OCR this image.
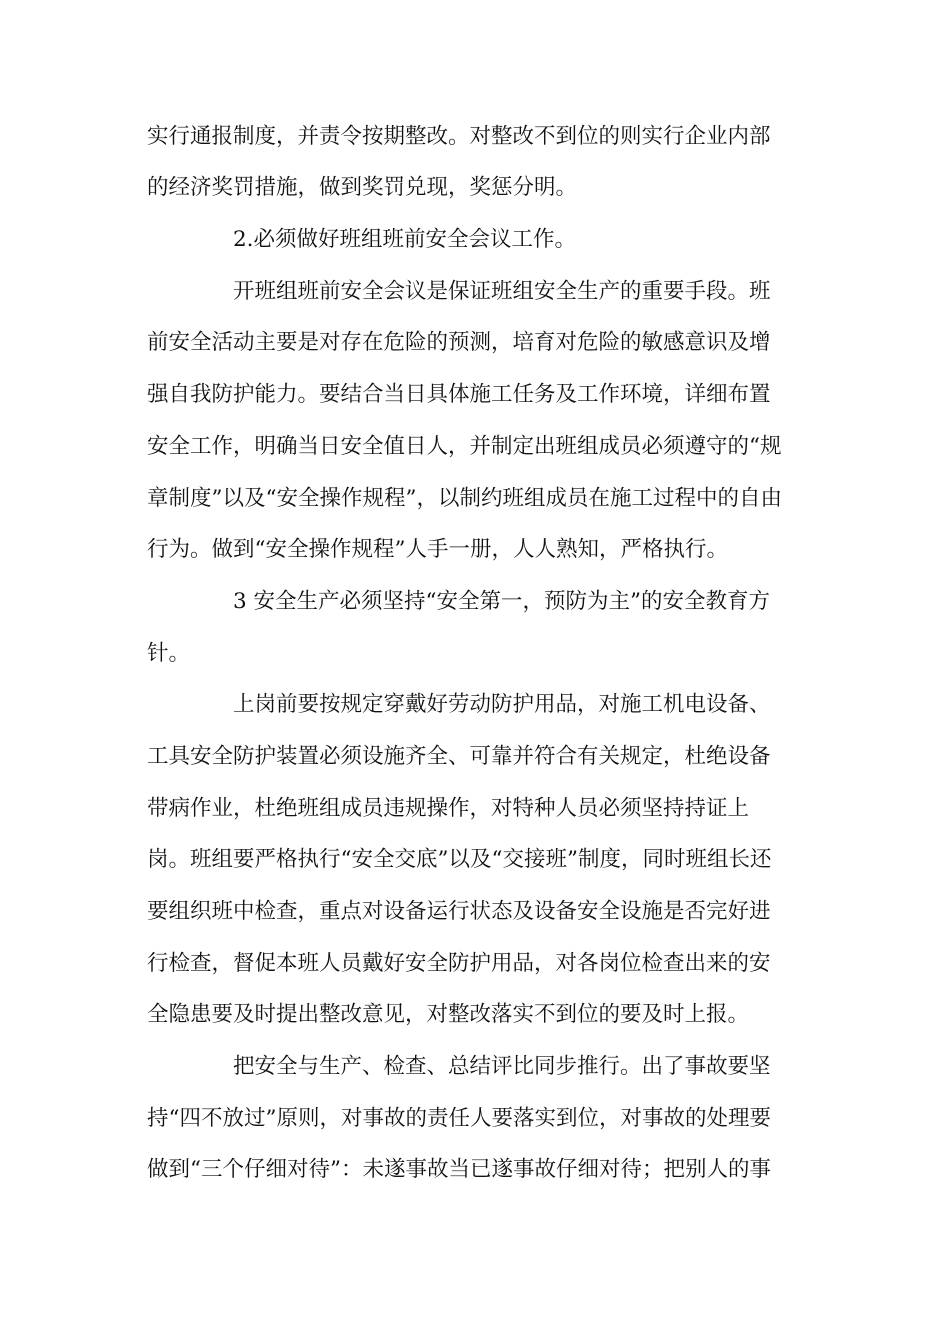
实行通报制度，并责令按期整改。对整改不到位的则实行企业内部
的经济奖罚措施，做到奖罚兑现，奖惩分明。
2.必须做好班组班前安全会议工作。
开班组班前安全会议是保证班组安全生产的重要手段。班
前安全活动主要是对存在危险的预测，培育对危险的敏感意识及增
强自我防护能力。要结合当日具体施工任务及工作环境，详细布置
安全工作，明确当日安全值日人，并制定出班组成员必须遵守的“规
章制度”以及“安全操作规程”，以制约班组成员在施工过程中的自由
行为。做到“安全操作规程”人手一册，人人熟知，严格执行。
3 安全生产必须坚持“安全第一，预防为主”的安全教育方
针。
上岗前要按规定穿戴好劳动防护用品，对施工机电设备、
工具安全防护装置必须设施齐全、可靠并符合有关规定，杜绝设备
带病作业，杜绝班组成员违规操作，对特种人员必须坚持持证上
岗。班组要严格执行“安全交底”以及“交接班”制度，同时班组长还
要组织班中检查，重点对设备运行状态及设备安全设施是否完好进
行检查，督促本班人员戴好安全防护用品，对各岗位检查出来的安
全隐患要及时提出整改意见，对整改落实不到位的要及时上报。
把安全与生产、检查、总结评比同步推行。出了事故要坚
持“四不放过”原则，对事故的责任人要落实到位，对事故的处理要
做到“三个仔细对待”：未遂事故当已遂事故仔细对待；把别人的事
